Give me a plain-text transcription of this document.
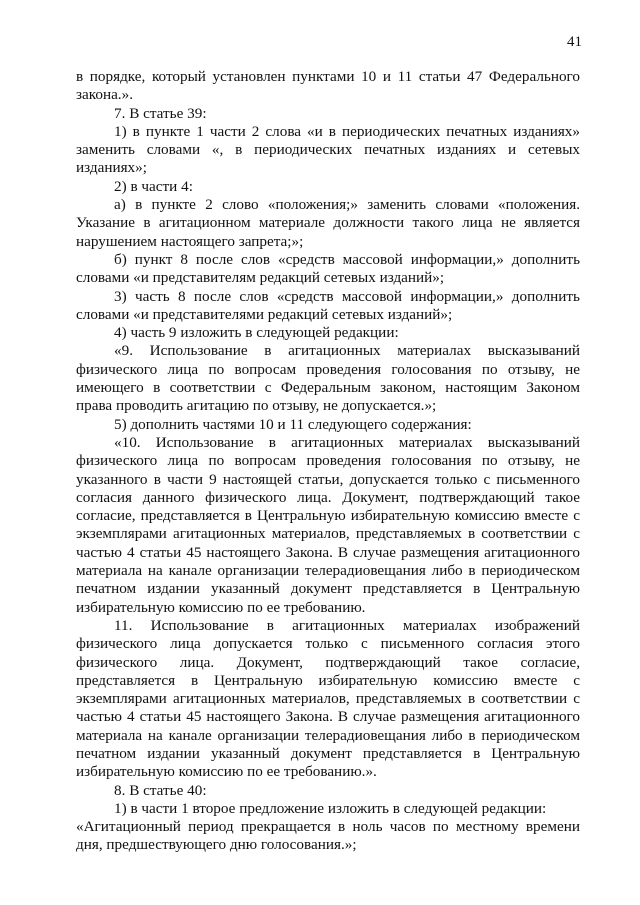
41

в порядке, который установлен пунктами 10 и 11 статьи 47 Федерального закона.».

7. В статье 39:

1) в пункте 1 части 2 слова «и в периодических печатных изданиях» заменить словами «, в периодических печатных изданиях и сетевых изданиях»;

2) в части 4:

а) в пункте 2 слово «положения;» заменить словами «положения. Указание в агитационном материале должности такого лица не является нарушением настоящего запрета;»;

б) пункт 8 после слов «средств массовой информации,» дополнить словами «и представителям редакций сетевых изданий»;

3) часть 8 после слов «средств массовой информации,» дополнить словами «и представителями редакций сетевых изданий»;

4) часть 9 изложить в следующей редакции:

«9. Использование в агитационных материалах высказываний физического лица по вопросам проведения голосования по отзыву, не имеющего в соответствии с Федеральным законом, настоящим Законом права проводить агитацию по отзыву, не допускается.»;

5) дополнить частями 10 и 11 следующего содержания:

«10. Использование в агитационных материалах высказываний физического лица по вопросам проведения голосования по отзыву, не указанного в части 9 настоящей статьи, допускается только с письменного согласия данного физического лица. Документ, подтверждающий такое согласие, представляется в Центральную избирательную комиссию вместе с экземплярами агитационных материалов, представляемых в соответствии с частью 4 статьи 45 настоящего Закона. В случае размещения агитационного материала на канале организации телерадиовещания либо в периодическом печатном издании указанный документ представляется в Центральную избирательную комиссию по ее требованию.

11. Использование в агитационных материалах изображений физического лица допускается только с письменного согласия этого физического лица. Документ, подтверждающий такое согласие, представляется в Центральную избирательную комиссию вместе с экземплярами агитационных материалов, представляемых в соответствии с частью 4 статьи 45 настоящего Закона. В случае размещения агитационного материала на канале организации телерадиовещания либо в периодическом печатном издании указанный документ представляется в Центральную избирательную комиссию по ее требованию.».

8. В статье 40:

1) в части 1 второе предложение изложить в следующей редакции:

«Агитационный период прекращается в ноль часов по местному времени дня, предшествующего дню голосования.»;
